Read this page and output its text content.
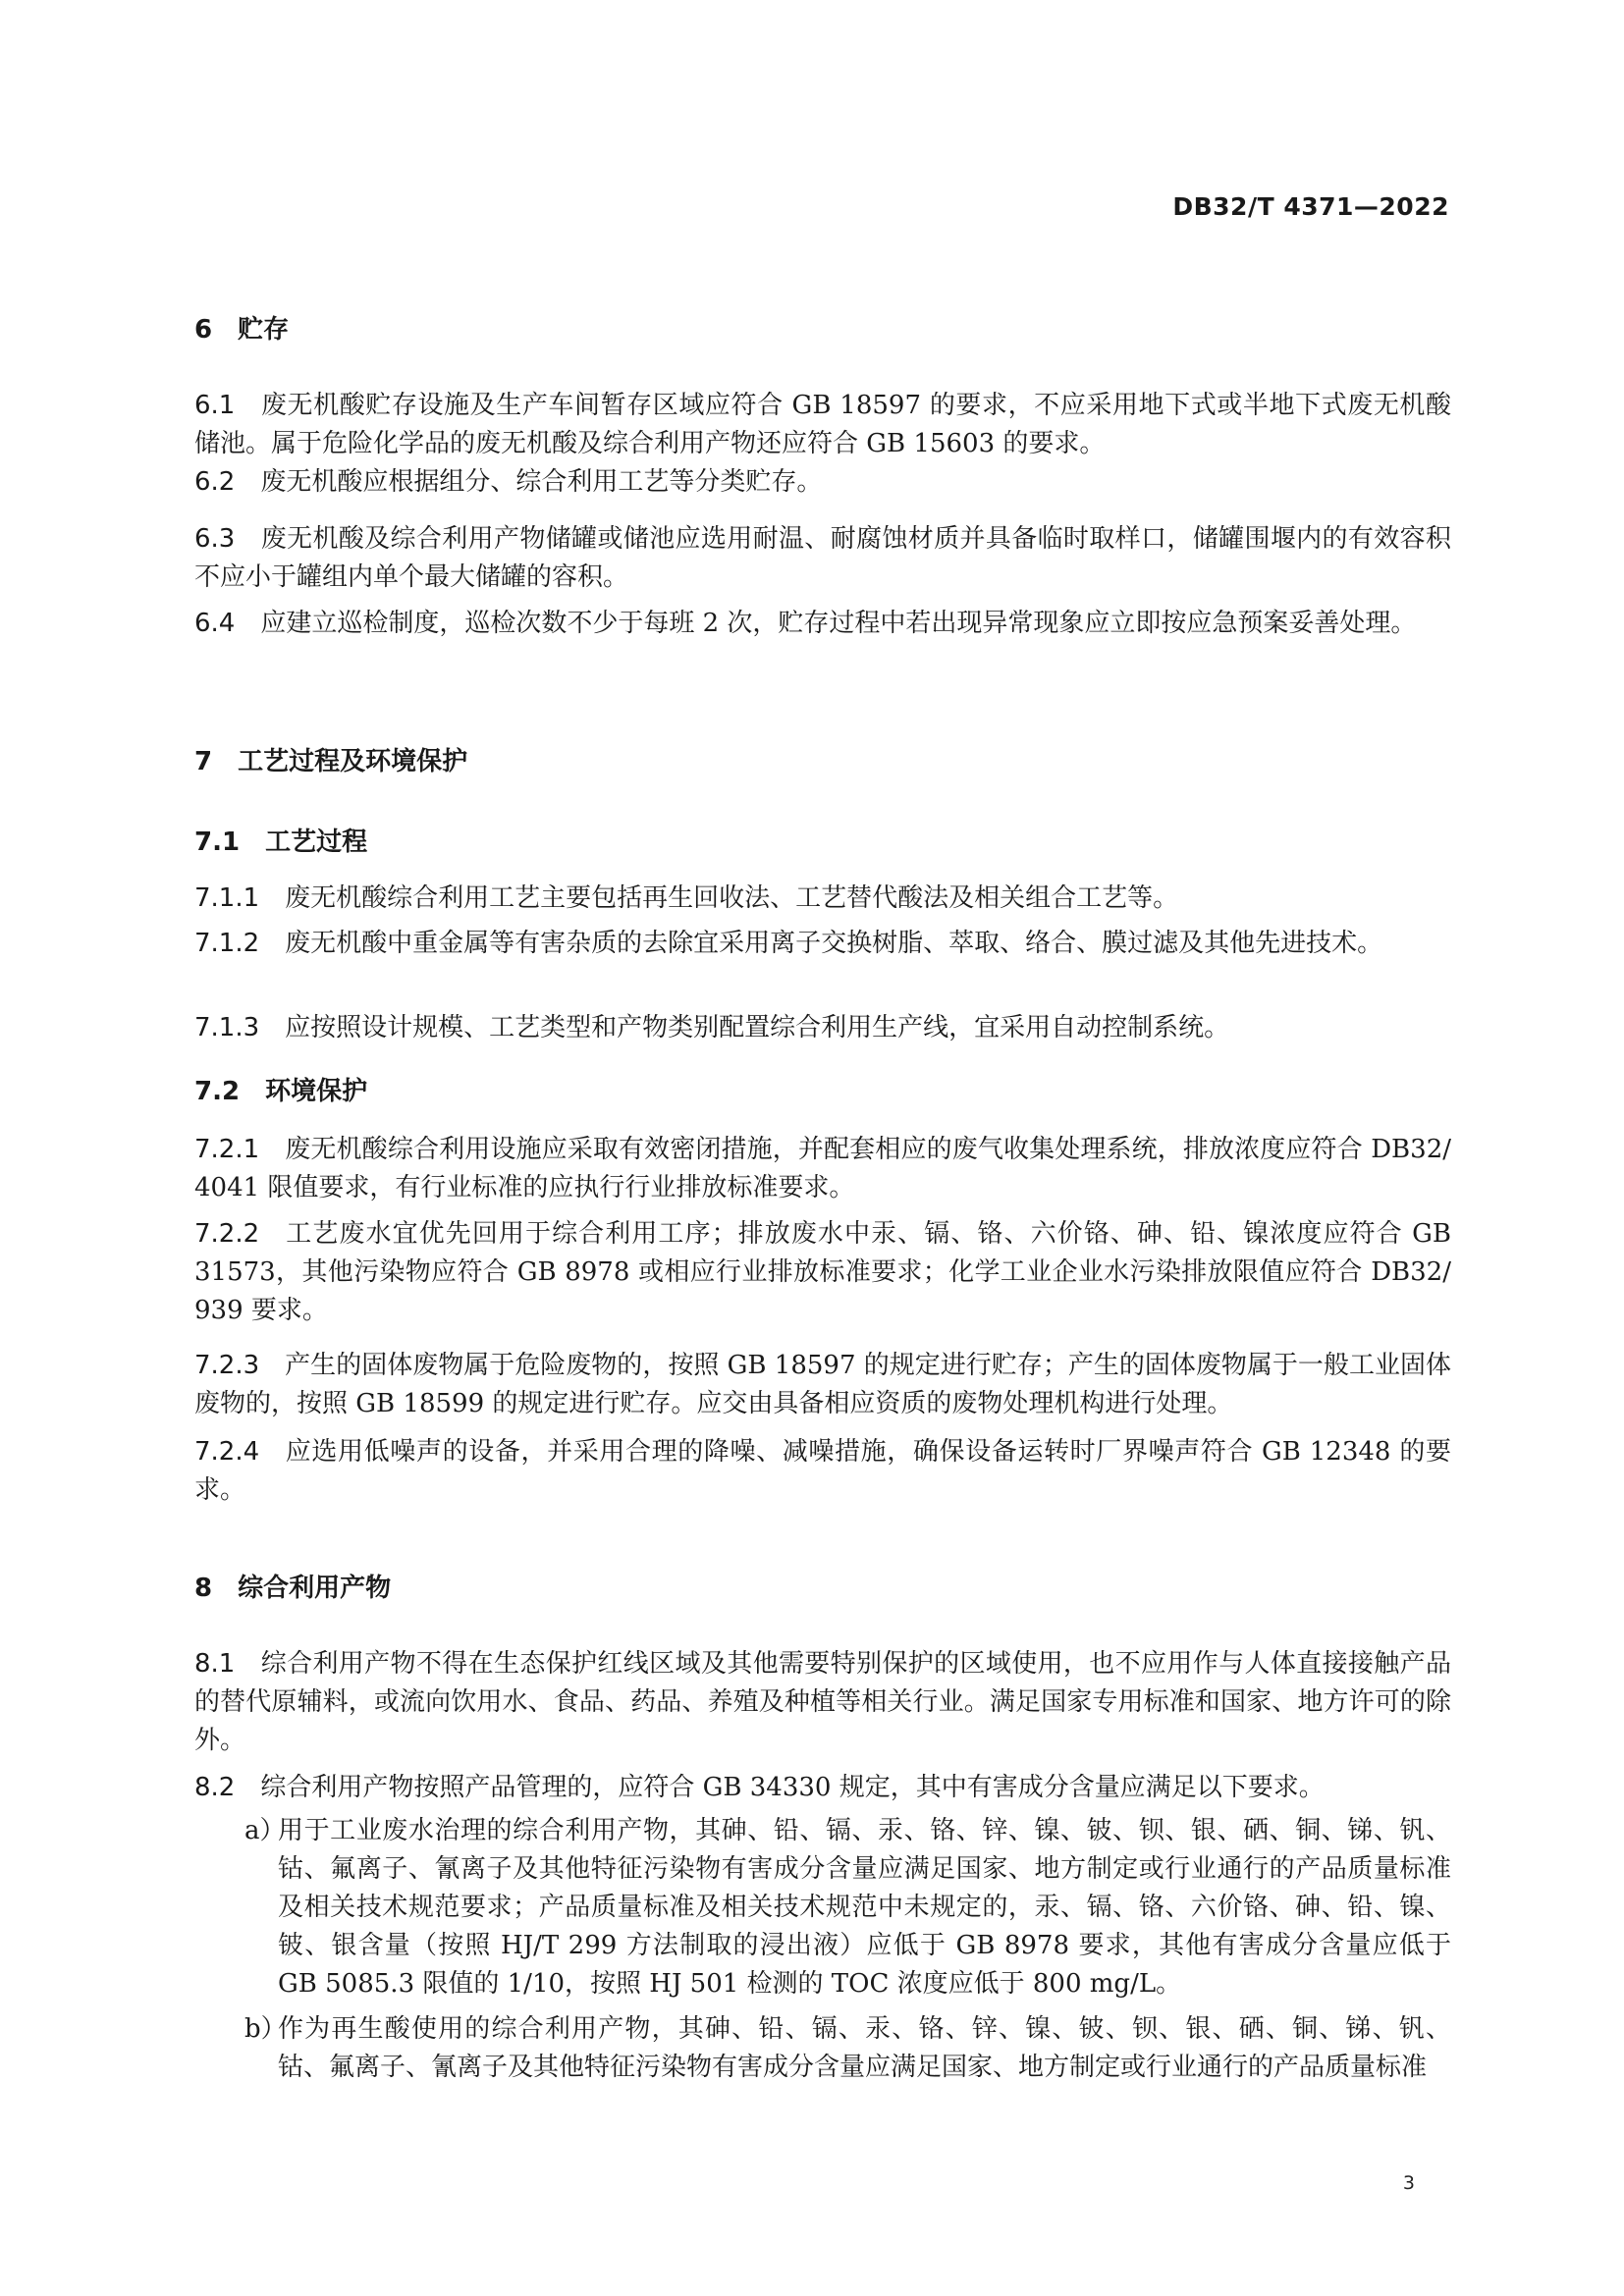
DB32/T 4371—2022
6 贮存
6.1 废无机酸贮存设施及生产车间暂存区域应符合 GB 18597 的要求，不应采用地下式或半地下式废无机酸储池。属于危险化学品的废无机酸及综合利用产物还应符合 GB 15603 的要求。
6.2 废无机酸应根据组分、综合利用工艺等分类贮存。
6.3 废无机酸及综合利用产物储罐或储池应选用耐温、耐腐蚀材质并具备临时取样口，储罐围堰内的有效容积不应小于罐组内单个最大储罐的容积。
6.4 应建立巡检制度，巡检次数不少于每班 2 次，贮存过程中若出现异常现象应立即按应急预案妥善处理。
7 工艺过程及环境保护
7.1 工艺过程
7.1.1 废无机酸综合利用工艺主要包括再生回收法、工艺替代酸法及相关组合工艺等。
7.1.2 废无机酸中重金属等有害杂质的去除宜采用离子交换树脂、萃取、络合、膜过滤及其他先进技术。
7.1.3 应按照设计规模、工艺类型和产物类别配置综合利用生产线，宜采用自动控制系统。
7.2 环境保护
7.2.1 废无机酸综合利用设施应采取有效密闭措施，并配套相应的废气收集处理系统，排放浓度应符合 DB32/ 4041 限值要求，有行业标准的应执行行业排放标准要求。
7.2.2 工艺废水宜优先回用于综合利用工序；排放废水中汞、镉、铬、六价铬、砷、铅、镍浓度应符合 GB 31573，其他污染物应符合 GB 8978 或相应行业排放标准要求；化学工业企业水污染排放限值应符合 DB32/ 939 要求。
7.2.3 产生的固体废物属于危险废物的，按照 GB 18597 的规定进行贮存；产生的固体废物属于一般工业固体废物的，按照 GB 18599 的规定进行贮存。应交由具备相应资质的废物处理机构进行处理。
7.2.4 应选用低噪声的设备，并采用合理的降噪、减噪措施，确保设备运转时厂界噪声符合 GB 12348 的要求。
8 综合利用产物
8.1 综合利用产物不得在生态保护红线区域及其他需要特别保护的区域使用，也不应用作与人体直接接触产品的替代原辅料，或流向饮用水、食品、药品、养殖及种植等相关行业。满足国家专用标准和国家、地方许可的除外。
8.2 综合利用产物按照产品管理的，应符合 GB 34330 规定，其中有害成分含量应满足以下要求。
a）
用于工业废水治理的综合利用产物，其砷、铅、镉、汞、铬、锌、镍、铍、钡、银、硒、铜、锑、钒、钴、氟离子、氰离子及其他特征污染物有害成分含量应满足国家、地方制定或行业通行的产品质量标准及相关技术规范要求；产品质量标准及相关技术规范中未规定的，汞、镉、铬、六价铬、砷、铅、镍、铍、银含量（按照 HJ/T 299 方法制取的浸出液）应低于 GB 8978 要求，其他有害成分含量应低于 GB 5085.3 限值的 1/10，按照 HJ 501 检测的 TOC 浓度应低于 800 mg/L。
b）
作为再生酸使用的综合利用产物，其砷、铅、镉、汞、铬、锌、镍、铍、钡、银、硒、铜、锑、钒、钴、氟离子、氰离子及其他特征污染物有害成分含量应满足国家、地方制定或行业通行的产品质量标准
3
